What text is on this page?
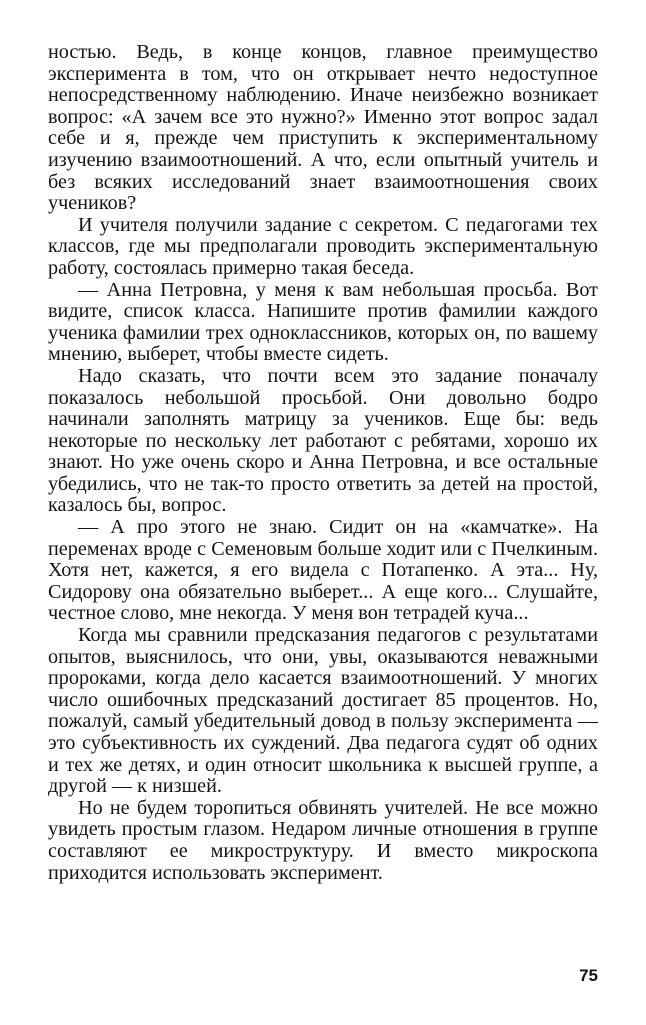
ностью. Ведь, в конце концов, главное преимущество эксперимента в том, что он открывает нечто недоступное непосредственному наблюдению. Иначе неизбежно возникает вопрос: «А зачем все это нужно?» Именно этот вопрос задал себе и я, прежде чем приступить к экспериментальному изучению взаимоотношений. А что, если опытный учитель и без всяких исследований знает взаимоотношения своих учеников?

И учителя получили задание с секретом. С педагогами тех классов, где мы предполагали проводить экспериментальную работу, состоялась примерно такая беседа.

— Анна Петровна, у меня к вам небольшая просьба. Вот видите, список класса. Напишите против фамилии каждого ученика фамилии трех одноклассников, которых он, по вашему мнению, выберет, чтобы вместе сидеть.

Надо сказать, что почти всем это задание поначалу показалось небольшой просьбой. Они довольно бодро начинали заполнять матрицу за учеников. Еще бы: ведь некоторые по нескольку лет работают с ребятами, хорошо их знают. Но уже очень скоро и Анна Петровна, и все остальные убедились, что не так-то просто ответить за детей на простой, казалось бы, вопрос.

— А про этого не знаю. Сидит он на «камчатке». На переменах вроде с Семеновым больше ходит или с Пчелкиным. Хотя нет, кажется, я его видела с Потапенко. А эта... Ну, Сидорову она обязательно выберет... А еще кого... Слушайте, честное слово, мне некогда. У меня вон тетрадей куча...

Когда мы сравнили предсказания педагогов с результатами опытов, выяснилось, что они, увы, оказываются неважными пророками, когда дело касается взаимоотношений. У многих число ошибочных предсказаний достигает 85 процентов. Но, пожалуй, самый убедительный довод в пользу эксперимента — это субъективность их суждений. Два педагога судят об одних и тех же детях, и один относит школьника к высшей группе, а другой — к низшей.

Но не будем торопиться обвинять учителей. Не все можно увидеть простым глазом. Недаром личные отношения в группе составляют ее микроструктуру. И вместо микроскопа приходится использовать эксперимент.

75
